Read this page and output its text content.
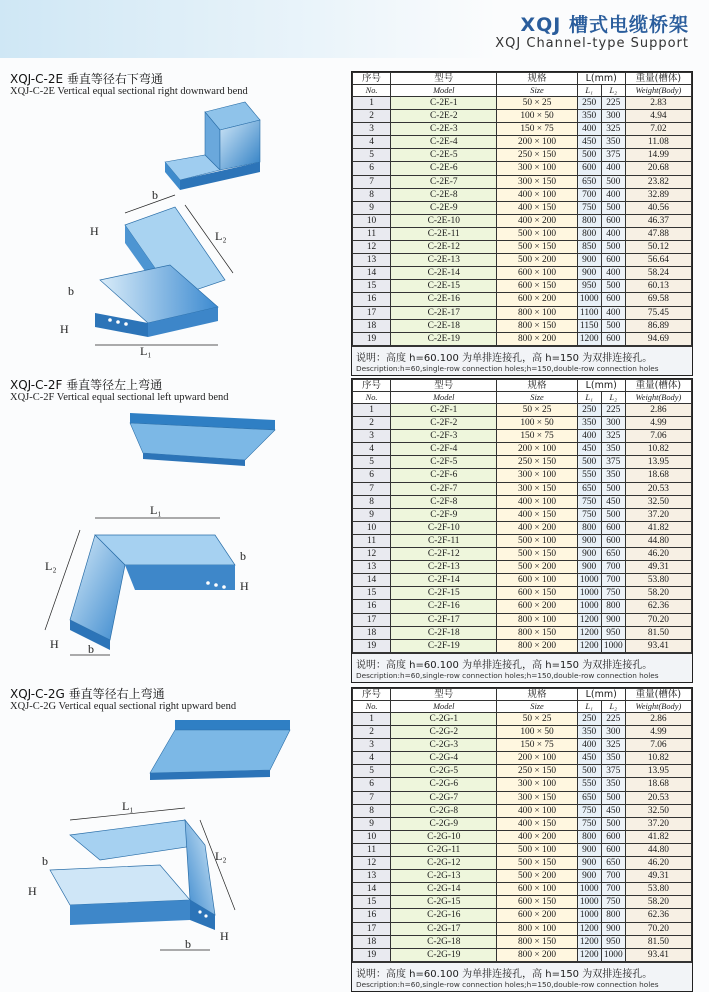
XQJ 槽式电缆桥架
XQJ Channel-type Support
XQJ-C-2E 垂直等径右下弯通
XQJ-C-2E Vertical equal sectional right downward bend
b
L₂
L₁
H
b
H
序号	型号	规格	L(mm)		重量(槽体)
No.	Model	Size	L₁	L₂	Weight(Body)
1	C-2E-1	50 × 25	250	225	2.83
2	C-2E-2	100 × 50	350	300	4.94
3	C-2E-3	150 × 75	400	325	7.02
4	C-2E-4	200 × 100	450	350	11.08
5	C-2E-5	250 × 150	500	375	14.99
6	C-2E-6	300 × 100	600	400	20.68
7	C-2E-7	300 × 150	650	500	23.82
8	C-2E-8	400 × 100	700	400	32.89
9	C-2E-9	400 × 150	750	500	40.56
10	C-2E-10	400 × 200	800	600	46.37
11	C-2E-11	500 × 100	800	400	47.88
12	C-2E-12	500 × 150	850	500	50.12
13	C-2E-13	500 × 200	900	600	56.64
14	C-2E-14	600 × 100	900	400	58.24
15	C-2E-15	600 × 150	950	500	60.13
16	C-2E-16	600 × 200	1000	600	69.58
17	C-2E-17	800 × 100	1100	400	75.45
18	C-2E-18	800 × 150	1150	500	86.89
19	C-2E-19	800 × 200	1200	600	94.69
说明：高度 h=60.100 为单排连接孔，高 h=150 为双排连接孔。
Description:h=60,single-row connection holes;h=150,double-row connection holes
XQJ-C-2F 垂直等径左上弯通
XQJ-C-2F Vertical equal sectional left upward bend
L₁
L₂
b
H
b
H
序号	型号	规格	L(mm)		重量(槽体)
No.	Model	Size	L₁	L₂	Weight(Body)
1	C-2F-1	50 × 25	250	225	2.86
2	C-2F-2	100 × 50	350	300	4.99
3	C-2F-3	150 × 75	400	325	7.06
4	C-2F-4	200 × 100	450	350	10.82
5	C-2F-5	250 × 150	500	375	13.95
6	C-2F-6	300 × 100	550	350	18.68
7	C-2F-7	300 × 150	650	500	20.53
8	C-2F-8	400 × 100	750	450	32.50
9	C-2F-9	400 × 150	750	500	37.20
10	C-2F-10	400 × 200	800	600	41.82
11	C-2F-11	500 × 100	900	600	44.80
12	C-2F-12	500 × 150	900	650	46.20
13	C-2F-13	500 × 200	900	700	49.31
14	C-2F-14	600 × 100	1000	700	53.80
15	C-2F-15	600 × 150	1000	750	58.20
16	C-2F-16	600 × 200	1000	800	62.36
17	C-2F-17	800 × 100	1200	900	70.20
18	C-2F-18	800 × 150	1200	950	81.50
19	C-2F-19	800 × 200	1200	1000	93.41
说明：高度 h=60.100 为单排连接孔，高 h=150 为双排连接孔。
Description:h=60,single-row connection holes;h=150,double-row connection holes
XQJ-C-2G 垂直等径右上弯通
XQJ-C-2G Vertical equal sectional right upward bend
L₁
L₂
b
H
b
H
序号	型号	规格	L(mm)		重量(槽体)
No.	Model	Size	L₁	L₂	Weight(Body)
1	C-2G-1	50 × 25	250	225	2.86
2	C-2G-2	100 × 50	350	300	4.99
3	C-2G-3	150 × 75	400	325	7.06
4	C-2G-4	200 × 100	450	350	10.82
5	C-2G-5	250 × 150	500	375	13.95
6	C-2G-6	300 × 100	550	350	18.68
7	C-2G-7	300 × 150	650	500	20.53
8	C-2G-8	400 × 100	750	450	32.50
9	C-2G-9	400 × 150	750	500	37.20
10	C-2G-10	400 × 200	800	600	41.82
11	C-2G-11	500 × 100	900	600	44.80
12	C-2G-12	500 × 150	900	650	46.20
13	C-2G-13	500 × 200	900	700	49.31
14	C-2G-14	600 × 100	1000	700	53.80
15	C-2G-15	600 × 150	1000	750	58.20
16	C-2G-16	600 × 200	1000	800	62.36
17	C-2G-17	800 × 100	1200	900	70.20
18	C-2G-18	800 × 150	1200	950	81.50
19	C-2G-19	800 × 200	1200	1000	93.41
说明：高度 h=60.100 为单排连接孔，高 h=150 为双排连接孔。
Description:h=60,single-row connection holes;h=150,double-row connection holes
